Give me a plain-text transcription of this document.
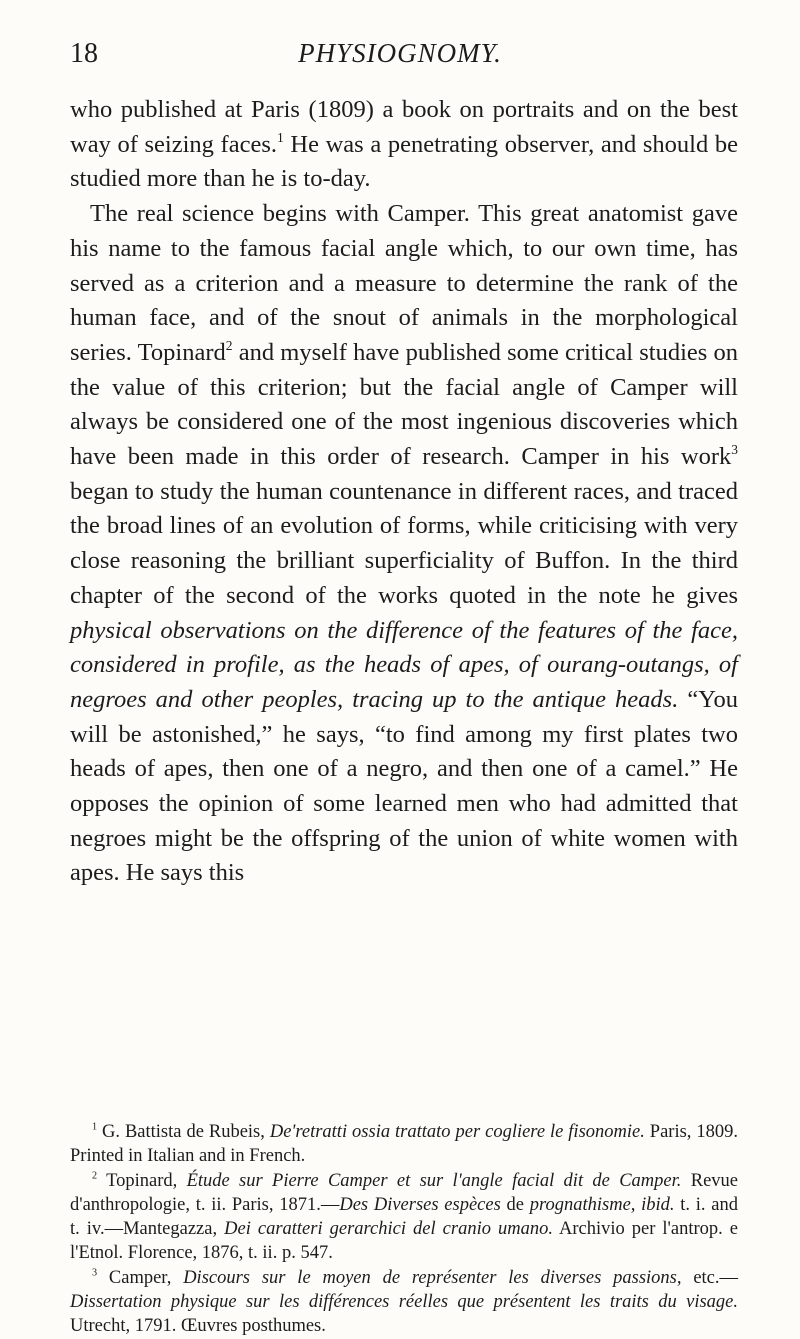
18	PHYSIOGNOMY.

who published at Paris (1809) a book on portraits and on the best way of seizing faces.$^1$ He was a penetrating observer, and should be studied more than he is to-day.

The real science begins with Camper. This great anatomist gave his name to the famous facial angle which, to our own time, has served as a criterion and a measure to determine the rank of the human face, and of the snout of animals in the morphological series. Topinard$^2$ and myself have published some critical studies on the value of this criterion; but the facial angle of Camper will always be considered one of the most ingenious discoveries which have been made in this order of research. Camper in his work$^3$ began to study the human countenance in different races, and traced the broad lines of an evolution of forms, while criticising with very close reasoning the brilliant superficiality of Buffon. In the third chapter of the second of the works quoted in the note he gives physical observations on the difference of the features of the face, considered in profile, as the heads of apes, of ourang-outangs, of negroes and other peoples, tracing up to the antique heads. “You will be astonished,” he says, “to find among my first plates two heads of apes, then one of a negro, and then one of a camel.” He opposes the opinion of some learned men who had admitted that negroes might be the offspring of the union of white women with apes. He says this

$^1$ G. Battista de Rubeis, De'retratti ossia trattato per cogliere le fisonomie. Paris, 1809. Printed in Italian and in French.

$^2$ Topinard, Étude sur Pierre Camper et sur l'angle facial dit de Camper. Revue d'anthropologie, t. ii. Paris, 1871.—Des Diverses espèces de prognathisme, ibid. t. i. and t. iv.—Mantegazza, Dei caratteri gerarchici del cranio umano. Archivio per l'antrop. e l'Etnol. Florence, 1876, t. ii. p. 547.

$^3$ Camper, Discours sur le moyen de représenter les diverses passions, etc.—Dissertation physique sur les différences réelles que présentent les traits du visage. Utrecht, 1791. Œuvres posthumes.
